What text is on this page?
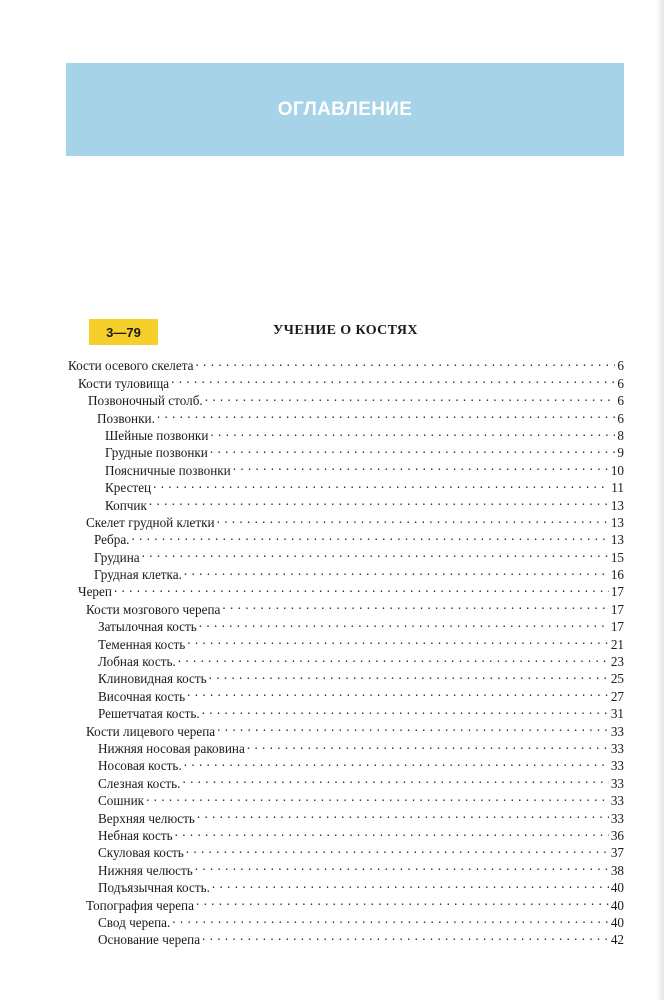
ОГЛАВЛЕНИЕ
3—79	УЧЕНИЕ О КОСТЯХ
Кости осевого скелета . . .	6
Кости туловища . . .	6
Позвоночный столб. . . .	6
Позвонки. . . .	6
Шейные позвонки . . .	8
Грудные позвонки . . .	9
Поясничные позвонки . . .	10
Крестец . . .	11
Копчик . . .	13
Скелет грудной клетки . . .	13
Ребра. . . .	13
Грудина . . .	15
Грудная клетка. . . .	16
Череп . . .	17
Кости мозгового черепа . . .	17
Затылочная кость . . .	17
Теменная кость . . .	21
Лобная кость. . . .	23
Клиновидная кость . . .	25
Височная кость . . .	27
Решетчатая кость. . . .	31
Кости лицевого черепа . . .	33
Нижняя носовая раковина . . .	33
Носовая кость. . . .	33
Слезная кость. . . .	33
Сошник . . .	33
Верхняя челюсть . . .	33
Небная кость . . .	36
Скуловая кость . . .	37
Нижняя челюсть . . .	38
Подъязычная кость. . . .	40
Топография черепа . . .	40
Свод черепа. . . .	40
Основание черепа . . .	42
